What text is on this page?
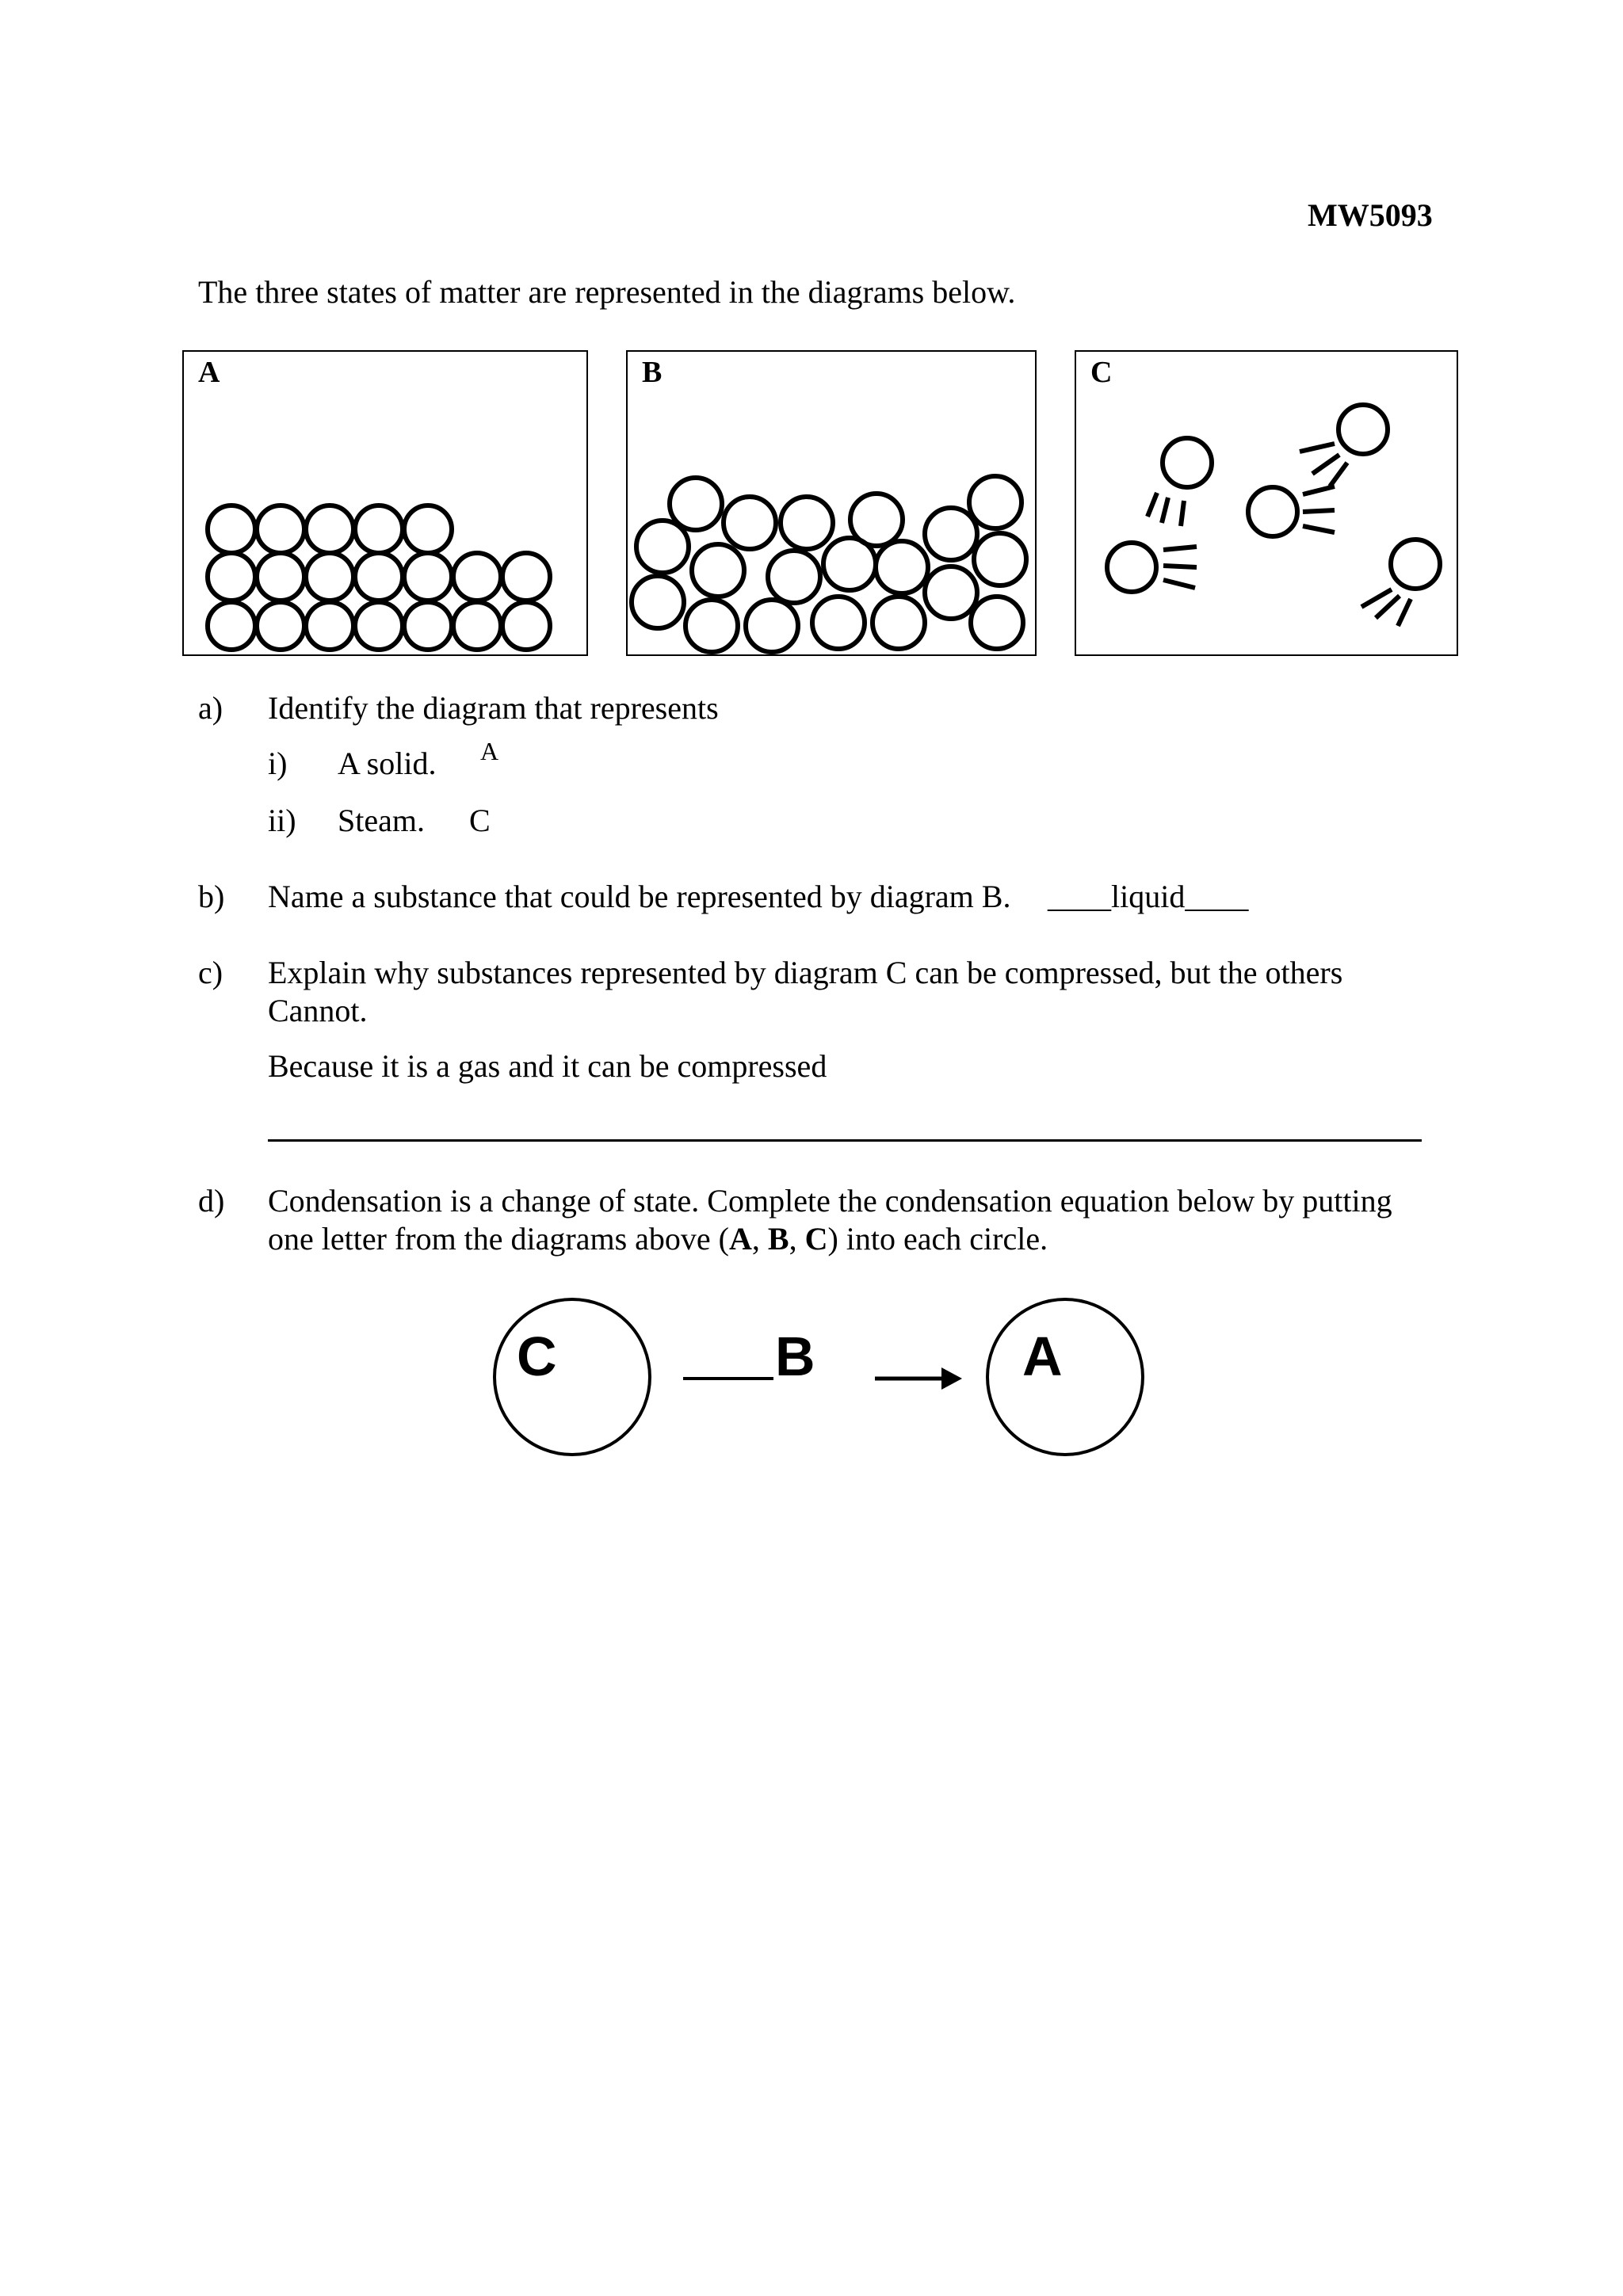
MW5093
The three states of matter are represented in the diagrams below.
A	B	C
a) Identify the diagram that represents
i) A solid. A
ii) Steam. C
b) Name a substance that could be represented by diagram B. ____liquid____
c) Explain why substances represented by diagram C can be compressed, but the others
Cannot.
Because it is a gas and it can be compressed
d) Condensation is a change of state. Complete the condensation equation below by putting
one letter from the diagrams above (A, B, C) into each circle.
C	B	A
